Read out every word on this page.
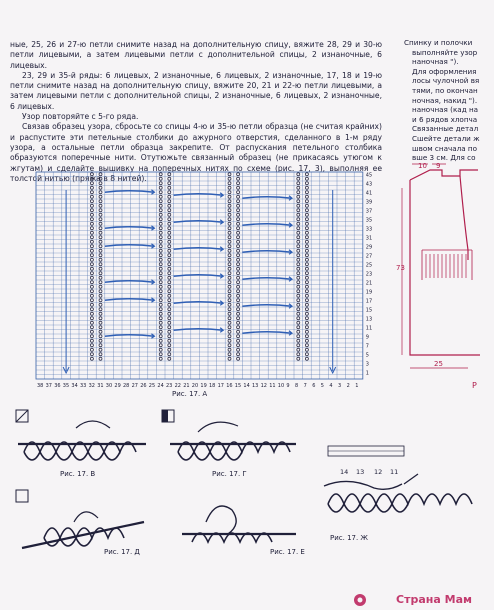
ные, 25, 26 и 27-ю петли снимите назад на дополнительную спицу, вяжите 28, 29 и 30-ю петли лицевыми, а затем лицевыми петли с дополнительной спицы, 2 изнаночные, 6 лицевых.

23, 29 и 35-й ряды: 6 лицевых, 2 изнаночные, 6 лицевых, 2 изнаночные, 17, 18 и 19-ю петли снимите назад на дополнительную спицу, вяжите 20, 21 и 22-ю петли лицевыми, а затем лицевыми петли с дополнительной спицы, 2 изнаночные, 6 лицевых, 2 изнаночные, 6 лицевых.

Узор повторяйте с 5-го ряда.

Связав образец узора, сбросьте со спицы 4-ю и 35-ю петли образца (не считая крайних) и распустите эти петельные столбики до ажурного отверстия, сделанного в 1-м ряду узора, а остальные петли образца закрепите. От распускания петельного столбика образуются поперечные нити. Отутюжьте связанный образец (не прикасаясь утюгом к жгутам) и сделайте вышивку на поперечных нитях по схеме (рис. 17, 3), выполняя ее толстой нитью (пряжа в 8 нитей).

Спинку и полочки

выполняйте узор

наночная ").

Для оформления

лосы чулочной вя

тями, по окончан

ночная, накид ").

наночная (кад на

и 6 рядов хлопча

Связанные детал

Сшейте детали ж

швом сначала по

вше 3 см. Для со

45
43
41
39
37
35
33
31
29
27
25
23
21
19
17
15
13
11
9
7
5
3
1
38 37 36 35 34 33 32 31 30 29 28 27 26 25 24 23 22 21 20 19 18 17 16 15 14 13 12 11 10 9 8 7 6 5 4 3 2 1
Рис. 17. А
10 9
73
25
Р
Рис. 17. В	Рис. 17. Г
Рис. 17. Д	Рис. 17. Е
14 13 12 11
Рис. 17. Ж
Страна Мам
